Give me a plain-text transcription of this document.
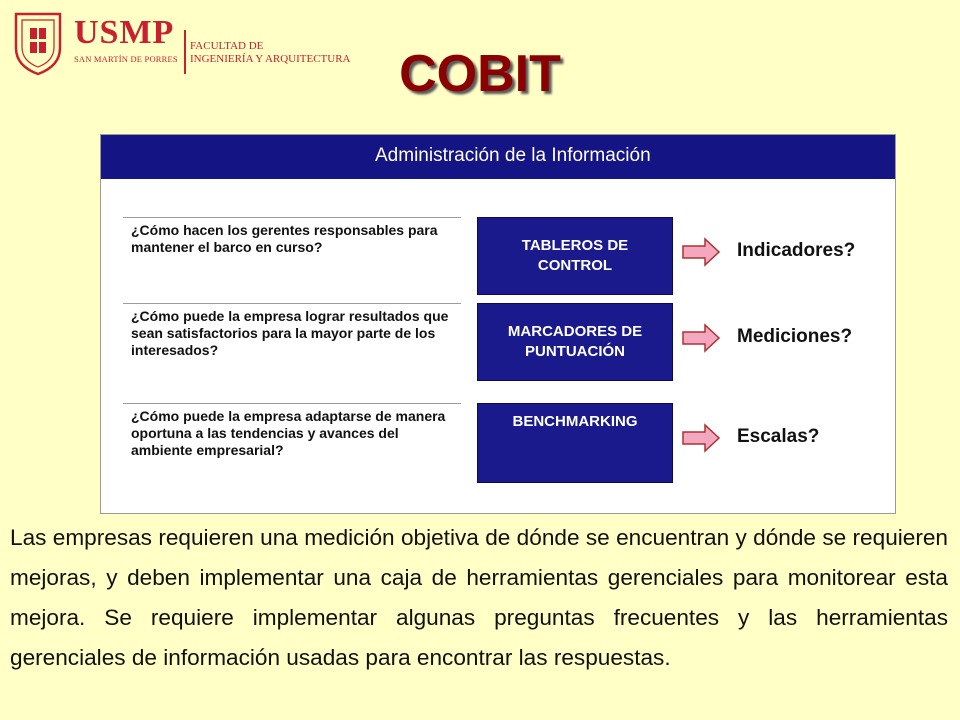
USMP
SAN MARTÍN DE PORRES
FACULTAD DE
INGENIERÍA Y ARQUITECTURA COBIT
Administración de la Información
¿Cómo hacen los gerentes responsables para mantener el barco en curso?	TABLEROS DE CONTROL
Indicadores?
¿Cómo puede la empresa lograr resultados que sean satisfactorios para la mayor parte de los interesados?
MARCADORES DE PUNTUACIÓN
Mediciones?
¿Cómo puede la empresa adaptarse de manera oportuna a las tendencias y avances del ambiente empresarial?
BENCHMARKING
Escalas?
Las empresas requieren una medición objetiva de dónde se encuentran y dónde se requieren mejoras, y deben implementar una caja de herramientas gerenciales para monitorear esta mejora. Se requiere implementar algunas preguntas frecuentes y las herramientas gerenciales de información usadas para encontrar las respuestas.
